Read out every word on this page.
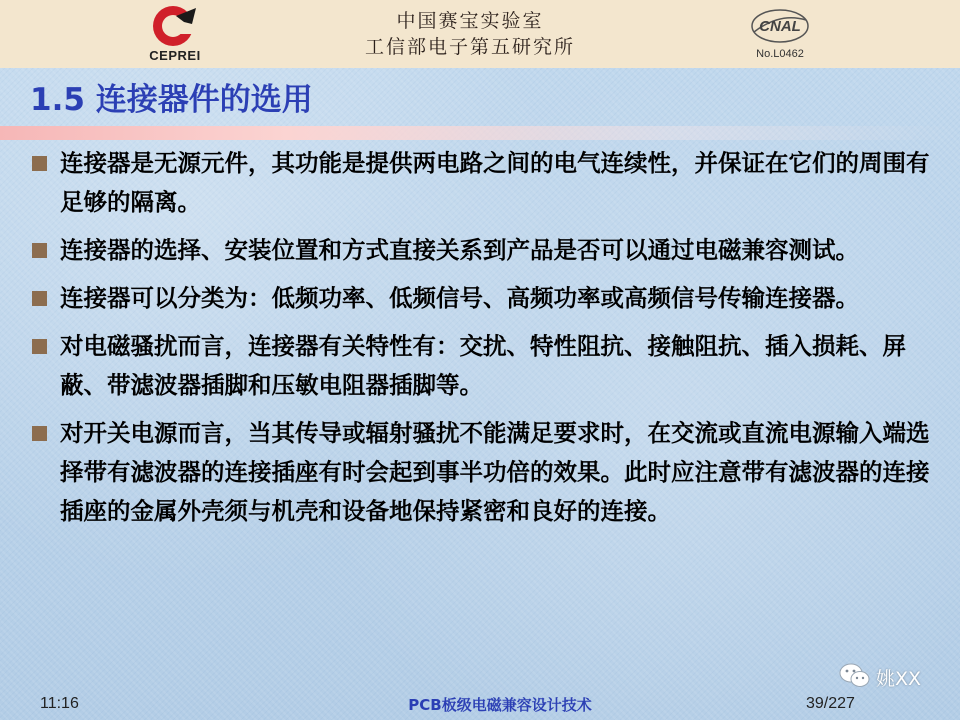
CEPREI
中国赛宝实验室
工信部电子第五研究所
CNAL
No.L0462
1.5 连接器件的选用
连接器是无源元件，其功能是提供两电路之间的电气连续性，并保证在它们的周围有足够的隔离。
连接器的选择、安装位置和方式直接关系到产品是否可以通过电磁兼容测试。
连接器可以分类为：低频功率、低频信号、高频功率或高频信号传输连接器。
对电磁骚扰而言，连接器有关特性有：交扰、特性阻抗、接触阻抗、插入损耗、屏蔽、带滤波器插脚和压敏电阻器插脚等。
对开关电源而言，当其传导或辐射骚扰不能满足要求时，在交流或直流电源输入端选择带有滤波器的连接插座有时会起到事半功倍的效果。此时应注意带有滤波器的连接插座的金属外壳须与机壳和设备地保持紧密和良好的连接。
姚XX
11:16	PCB板级电磁兼容设计技术	39/227
